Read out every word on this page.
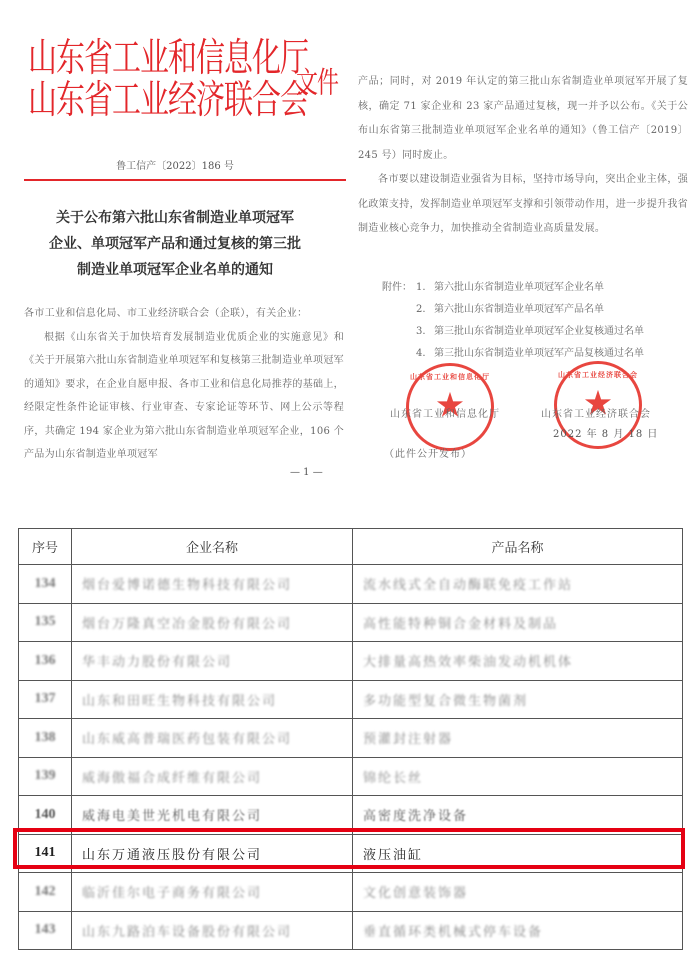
山东省工业和信息化厅
山东省工业经济联合会
文件
鲁工信产〔2022〕186 号
关于公布第六批山东省制造业单项冠军
企业、单项冠军产品和通过复核的第三批
制造业单项冠军企业名单的通知

各市工业和信息化局、市工业经济联合会（企联），有关企业：

根据《山东省关于加快培育发展制造业优质企业的实施意见》和《关于开展第六批山东省制造业单项冠军和复核第三批制造业单项冠军的通知》要求，在企业自愿申报、各市工业和信息化局推荐的基础上，经限定性条件论证审核、行业审查、专家论证等环节、网上公示等程序，共确定 194 家企业为第六批山东省制造业单项冠军企业，106 个产品为山东省制造业单项冠军

— 1 —

产品；同时，对 2019 年认定的第三批山东省制造业单项冠军开展了复核，确定 71 家企业和 23 家产品通过复核，现一并予以公布。《关于公布山东省第三批制造业单项冠军企业名单的通知》（鲁工信产〔2019〕245 号）同时废止。

各市要以建设制造业强省为目标，坚持市场导向，突出企业主体，强化政策支持，发挥制造业单项冠军支撑和引领带动作用，进一步提升我省制造业核心竞争力，加快推动全省制造业高质量发展。

附件： 1. 第六批山东省制造业单项冠军企业名单
2. 第六批山东省制造业单项冠军产品名单
3. 第三批山东省制造业单项冠军企业复核通过名单
4. 第三批山东省制造业单项冠军产品复核通过名单
山东省工业和信息化厅
★
山东省工业经济联合会
★
山东省工业和信息化厅	山东省工业经济联合会
2022 年 8 月 18 日
（此件公开发布）
序号	企业名称	产品名称
134	烟台爱博诺德生物科技有限公司	流水线式全自动酶联免疫工作站
135	烟台万隆真空冶金股份有限公司	高性能特种铜合金材料及制品
136	华丰动力股份有限公司	大排量高热效率柴油发动机机体
137	山东和田旺生物科技有限公司	多功能型复合微生物菌剂
138	山东威高普瑞医药包装有限公司	预灌封注射器
139	威海傲福合成纤维有限公司	锦纶长丝
140	威海电美世光机电有限公司	高密度洗净设备
141	山东万通液压股份有限公司	液压油缸
142	临沂佳尔电子商务有限公司	文化创意装饰器
143	山东九路泊车设备股份有限公司	垂直循环类机械式停车设备
